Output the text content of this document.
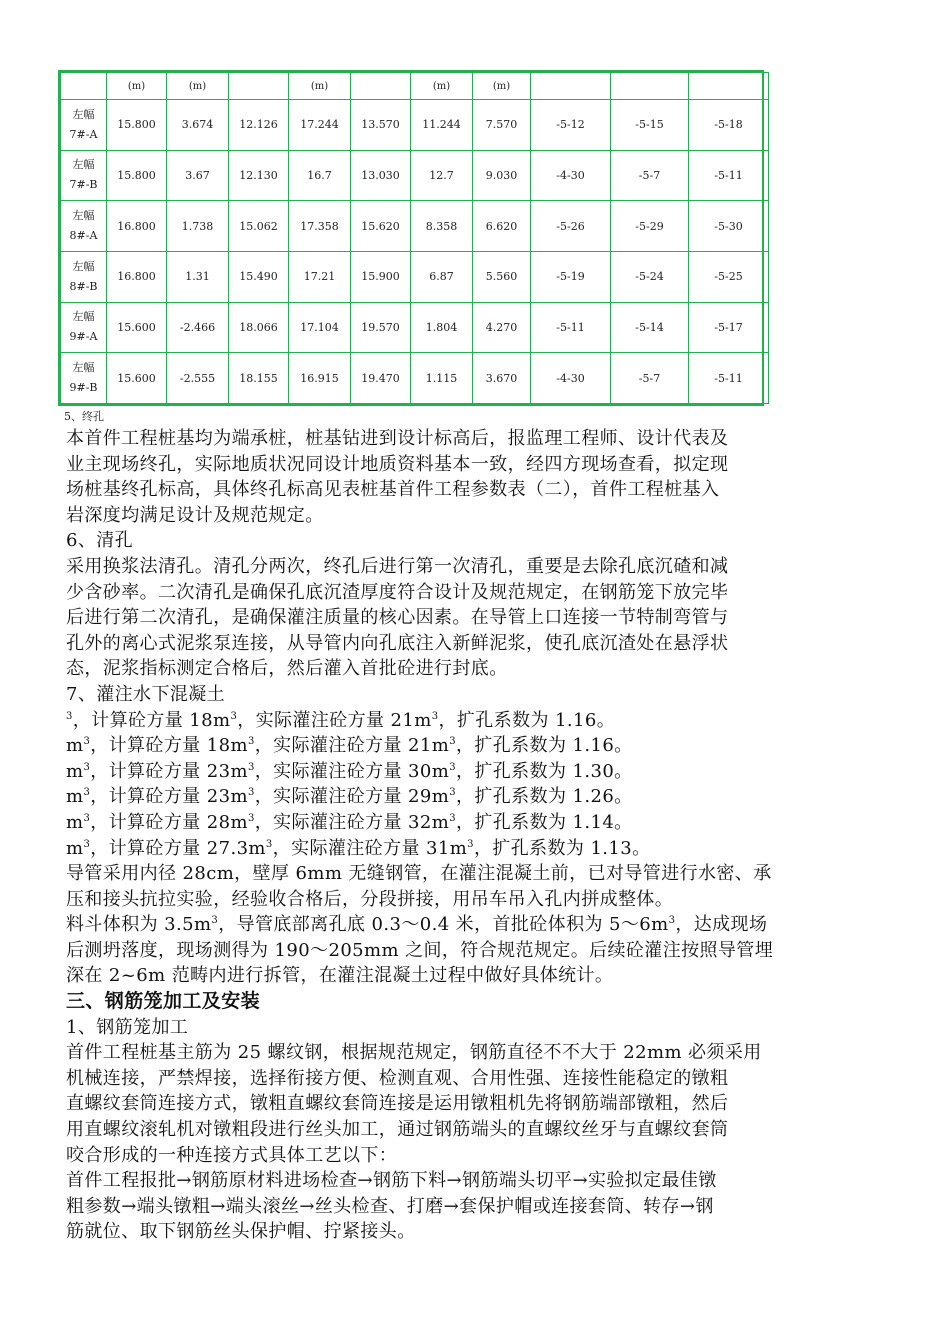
	(m)	(m)		(m)		(m)	(m)			
左幅
7#-A	15.800	3.674	12.126	17.244	13.570	11.244	7.570	-5-12	-5-15	-5-18
左幅
7#-B	15.800	3.67	12.130	16.7	13.030	12.7	9.030	-4-30	-5-7	-5-11
左幅
8#-A	16.800	1.738	15.062	17.358	15.620	8.358	6.620	-5-26	-5-29	-5-30
左幅
8#-B	16.800	1.31	15.490	17.21	15.900	6.87	5.560	-5-19	-5-24	-5-25
左幅
9#-A	15.600	-2.466	18.066	17.104	19.570	1.804	4.270	-5-11	-5-14	-5-17
左幅
9#-B	15.600	-2.555	18.155	16.915	19.470	1.115	3.670	-4-30	-5-7	-5-11
5、终孔

本首件工程桩基均为端承桩，桩基钻进到设计标高后，报监理工程师、设计代表及

业主现场终孔，实际地质状况同设计地质资料基本一致，经四方现场查看，拟定现

场桩基终孔标高，具体终孔标高见表桩基首件工程参数表（二），首件工程桩基入

岩深度均满足设计及规范规定。

6、清孔

采用换浆法清孔。清孔分两次，终孔后进行第一次清孔，重要是去除孔底沉碴和减

少含砂率。二次清孔是确保孔底沉渣厚度符合设计及规范规定，在钢筋笼下放完毕

后进行第二次清孔，是确保灌注质量的核心因素。在导管上口连接一节特制弯管与

孔外的离心式泥浆泵连接，从导管内向孔底注入新鲜泥浆，使孔底沉渣处在悬浮状

态，泥浆指标测定合格后，然后灌入首批砼进行封底。

7、灌注水下混凝土

$^3$，计算砼方量 $18m^3$，实际灌注砼方量 $21m^3$，扩孔系数为 1.16。

$m^3$，计算砼方量 $18m^3$，实际灌注砼方量 $21m^3$，扩孔系数为 1.16。

$m^3$，计算砼方量 $23m^3$，实际灌注砼方量 $30m^3$，扩孔系数为 1.30。

$m^3$，计算砼方量 $23m^3$，实际灌注砼方量 $29m^3$，扩孔系数为 1.26。

$m^3$，计算砼方量 $28m^3$，实际灌注砼方量 $32m^3$，扩孔系数为 1.14。

$m^3$，计算砼方量 $27.3m^3$，实际灌注砼方量 $31m^3$，扩孔系数为 1.13。

导管采用内径 28cm，壁厚 6mm 无缝钢管，在灌注混凝土前，已对导管进行水密、承

压和接头抗拉实验，经验收合格后，分段拼接，用吊车吊入孔内拼成整体。

料斗体积为 $3.5m^3$，导管底部离孔底 0.3～0.4 米，首批砼体积为 $5\sim 6m^3$，达成现场

后测坍落度，现场测得为 190～205mm 之间，符合规范规定。后续砼灌注按照导管埋

深在 2~6m 范畴内进行拆管，在灌注混凝土过程中做好具体统计。

三、钢筋笼加工及安装

1、钢筋笼加工

首件工程桩基主筋为 25 螺纹钢，根据规范规定，钢筋直径不不大于 22mm 必须采用

机械连接，严禁焊接，选择衔接方便、检测直观、合用性强、连接性能稳定的镦粗

直螺纹套筒连接方式，镦粗直螺纹套筒连接是运用镦粗机先将钢筋端部镦粗，然后

用直螺纹滚轧机对镦粗段进行丝头加工，通过钢筋端头的直螺纹丝牙与直螺纹套筒

咬合形成的一种连接方式具体工艺以下：

首件工程报批→钢筋原材料进场检查→钢筋下料→钢筋端头切平→实验拟定最佳镦

粗参数→端头镦粗→端头滚丝→丝头检查、打磨→套保护帽或连接套筒、转存→钢

筋就位、取下钢筋丝头保护帽、拧紧接头。
